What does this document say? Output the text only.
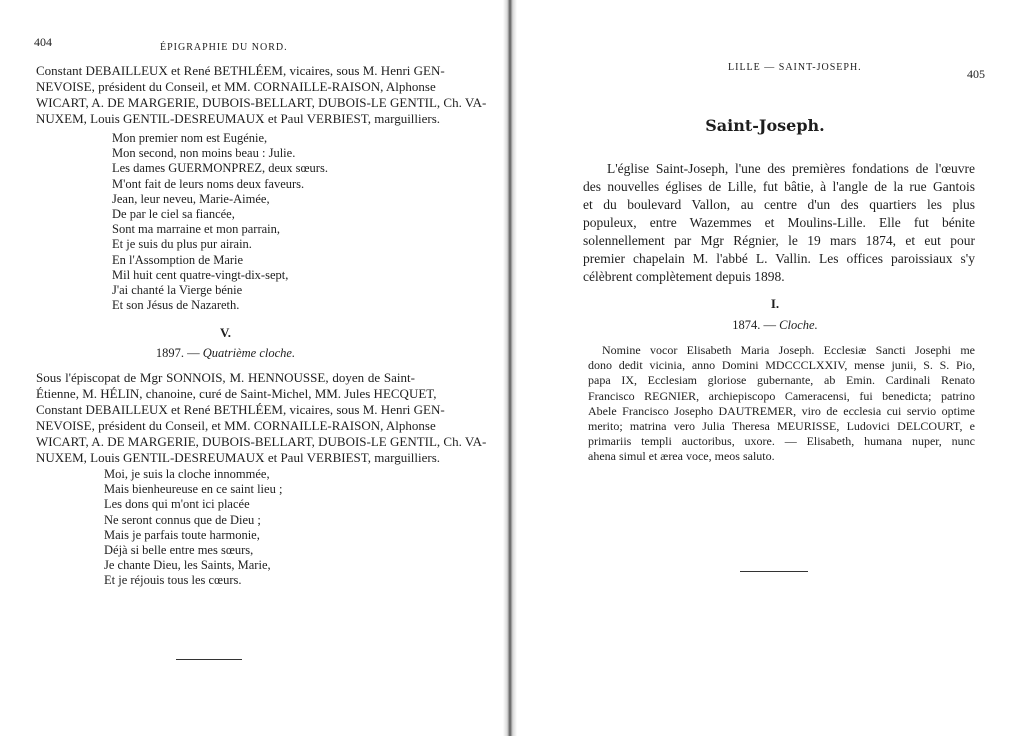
404	ÉPIGRAPHIE DU NORD.
Constant DEBAILLEUX et René BETHLÉEM, vicaires, sous M. Henri GEN-
NEVOISE, président du Conseil, et MM. CORNAILLE-RAISON, Alphonse
WICART, A. DE MARGERIE, DUBOIS-BELLART, DUBOIS-LE GENTIL, Ch. VA-
NUXEM, Louis GENTIL-DESREUMAUX et Paul VERBIEST, marguilliers.
Mon premier nom est Eugénie,
Mon second, non moins beau : Julie.
Les dames GUERMONPREZ, deux sœurs.
M'ont fait de leurs noms deux faveurs.
Jean, leur neveu, Marie-Aimée,
De par le ciel sa fiancée,
Sont ma marraine et mon parrain,
Et je suis du plus pur airain.
En l'Assomption de Marie
Mil huit cent quatre-vingt-dix-sept,
J'ai chanté la Vierge bénie
Et son Jésus de Nazareth.
V.
1897. — Quatrième cloche.
Sous l'épiscopat de Mgr SONNOIS, M. HENNOUSSE, doyen de Saint-
Étienne, M. HÉLIN, chanoine, curé de Saint-Michel, MM. Jules HECQUET,
Constant DEBAILLEUX et René BETHLÉEM, vicaires, sous M. Henri GEN-
NEVOISE, président du Conseil, et MM. CORNAILLE-RAISON, Alphonse
WICART, A. DE MARGERIE, DUBOIS-BELLART, DUBOIS-LE GENTIL, Ch. VA-
NUXEM, Louis GENTIL-DESREUMAUX et Paul VERBIEST, marguilliers.
Moi, je suis la cloche innommée,
Mais bienheureuse en ce saint lieu ;
Les dons qui m'ont ici placée
Ne seront connus que de Dieu ;
Mais je parfais toute harmonie,
Déjà si belle entre mes sœurs,
Je chante Dieu, les Saints, Marie,
Et je réjouis tous les cœurs.
LILLE — SAINT-JOSEPH.	405
Saint-Joseph.
L'église Saint-Joseph, l'une des premières fondations de l'œuvre
des nouvelles églises de Lille, fut bâtie, à l'angle de la rue Gantois
et du boulevard Vallon, au centre d'un des quartiers les plus
populeux, entre Wazemmes et Moulins-Lille. Elle fut bénite
solennellement par Mgr Régnier, le 19 mars 1874, et eut pour
premier chapelain M. l'abbé L. Vallin. Les offices paroissiaux s'y
célèbrent complètement depuis 1898.
I.
1874. — Cloche.
Nomine vocor Elisabeth Maria Joseph. Ecclesiæ Sancti Josephi me
dono dedit vicinia, anno Domini MDCCCLXXIV, mense junii, S. S. Pio,
papa IX, Ecclesiam gloriose gubernante, ab Emin. Cardinali Renato
Francisco REGNIER, archiepiscopo Cameracensi, fui benedicta; patrino
Abele Francisco Josepho DAUTREMER, viro de ecclesia cui servio optime
merito; matrina vero Julia Theresa MEURISSE, Ludovici DELCOURT, e
primariis templi auctoribus, uxore. — Elisabeth, humana nuper, nunc
ahena simul et ærea voce, meos saluto.
